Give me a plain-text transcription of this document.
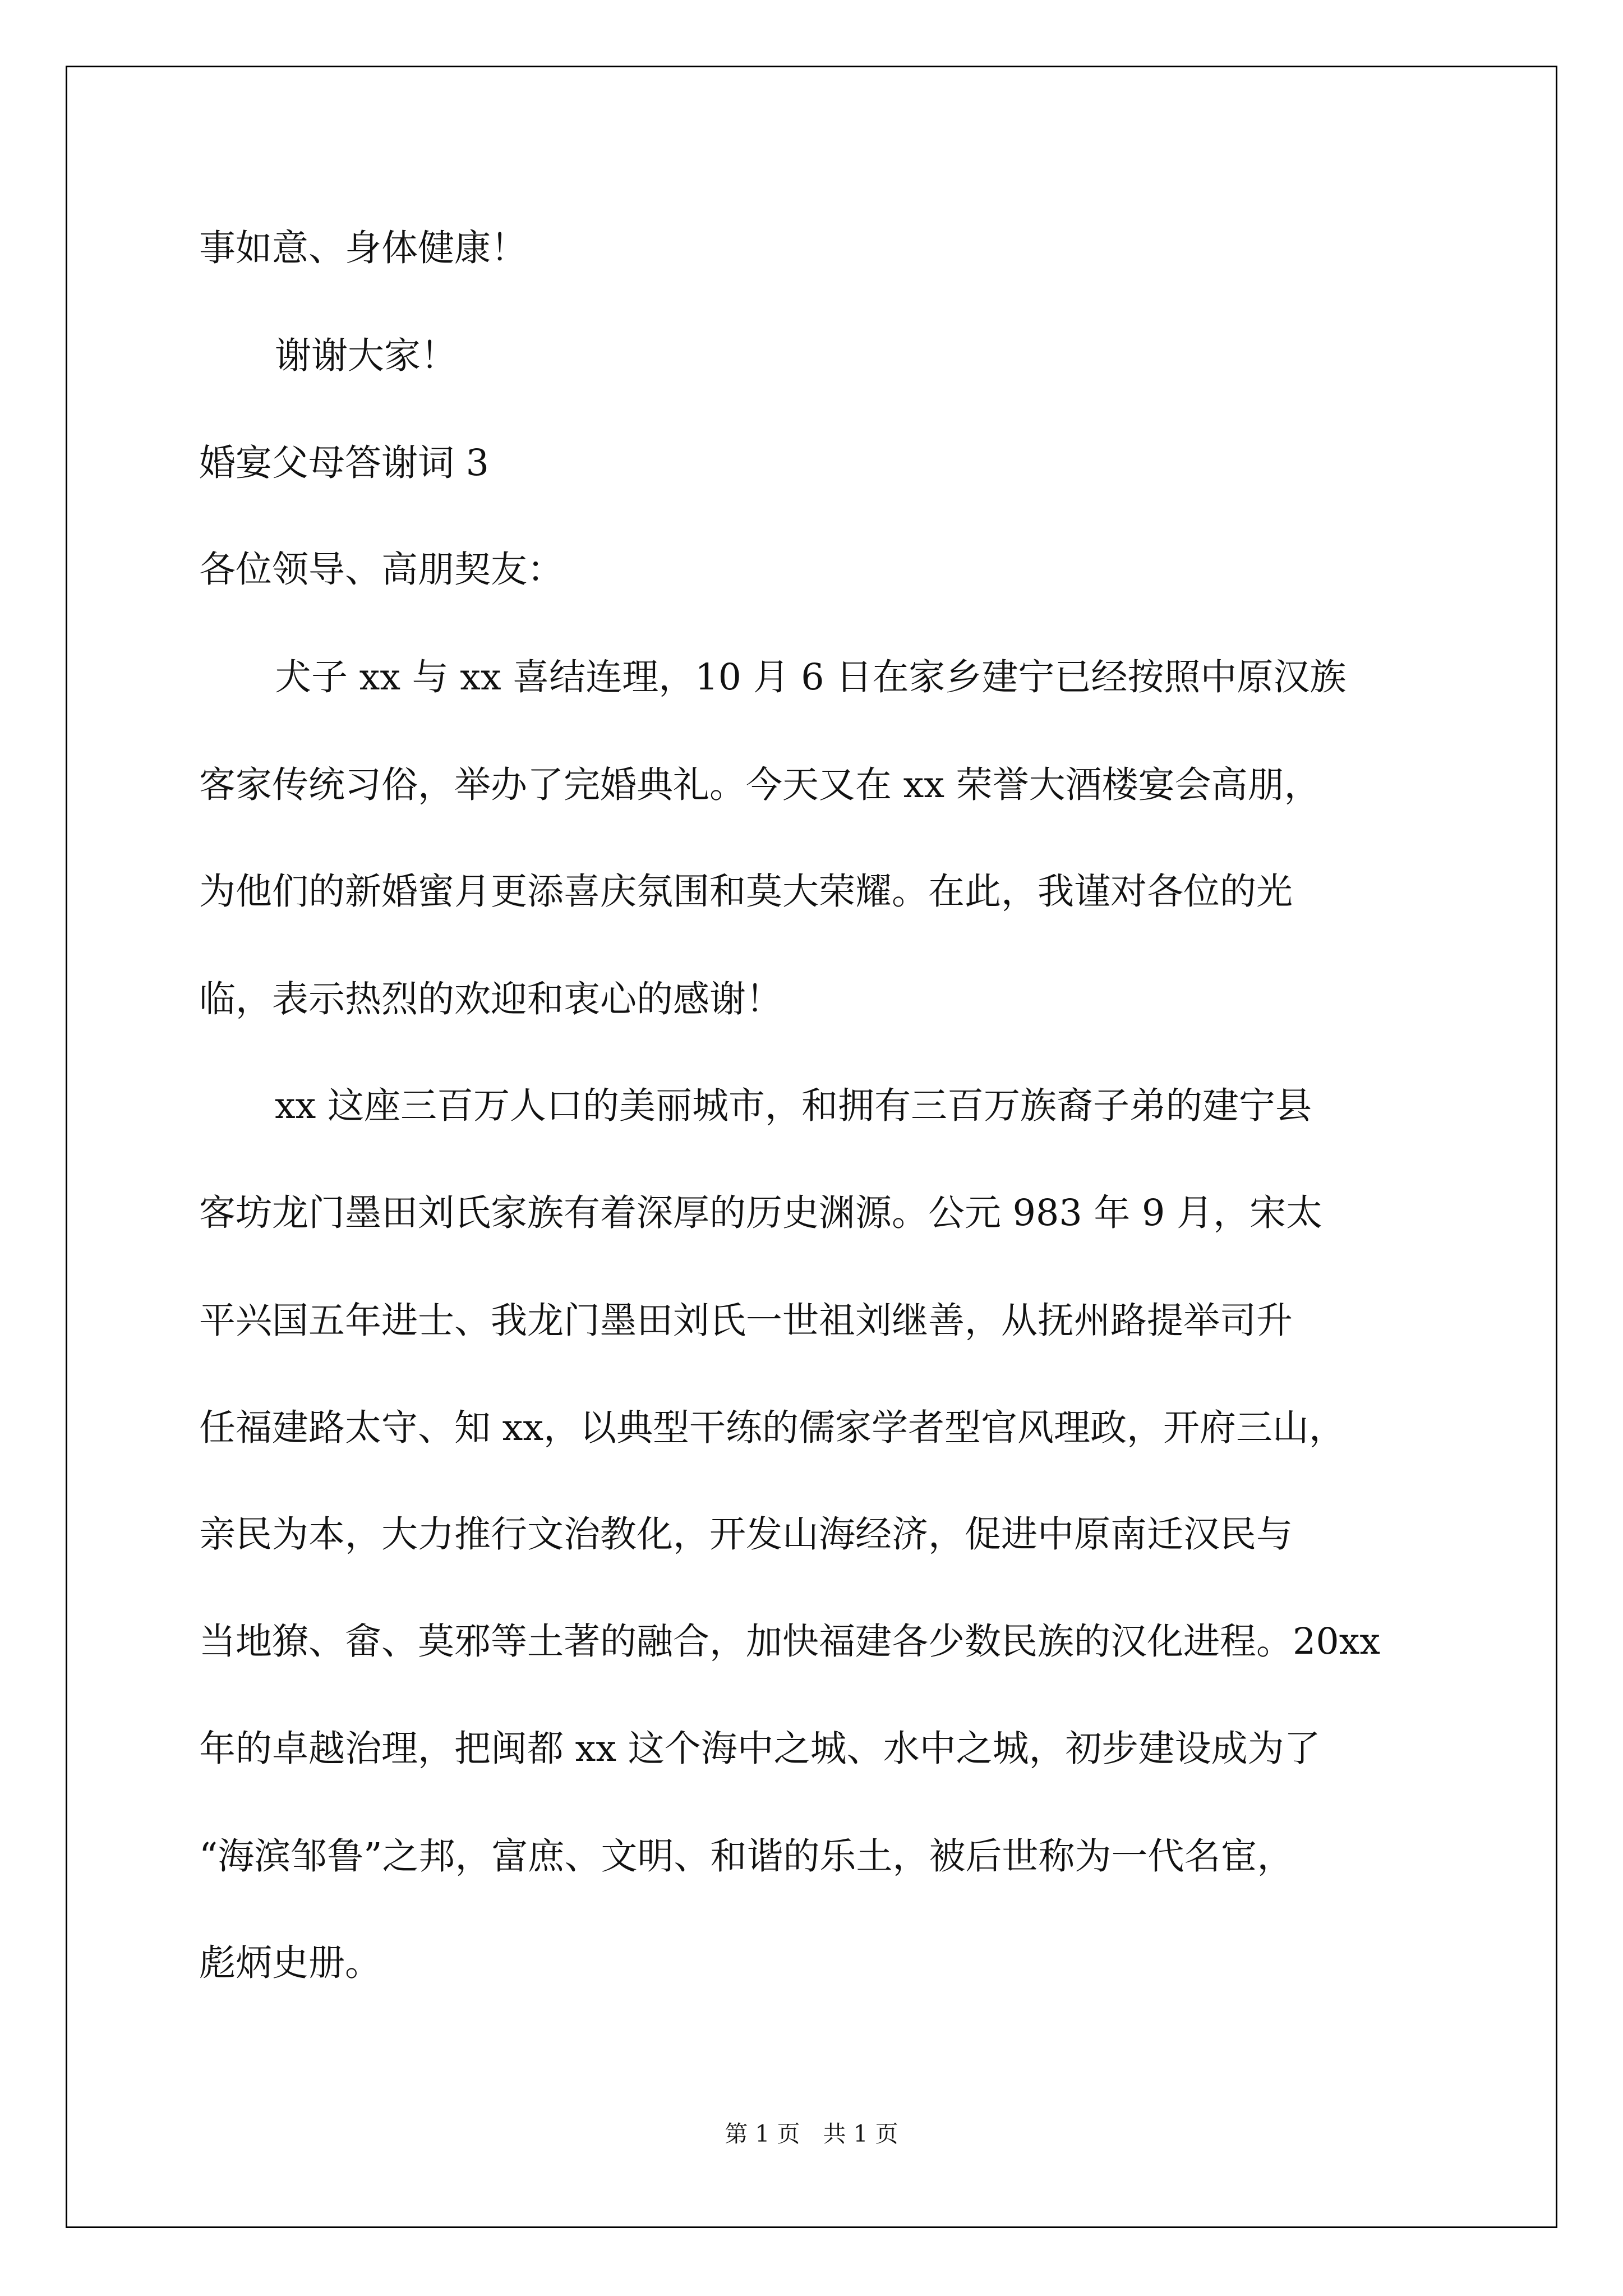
事如意、身体健康！

谢谢大家！

婚宴父母答谢词 3

各位领导、高朋契友：

犬子 xx 与 xx 喜结连理，10 月 6 日在家乡建宁已经按照中原汉族

客家传统习俗，举办了完婚典礼。今天又在 xx 荣誉大酒楼宴会高朋，

为他们的新婚蜜月更添喜庆氛围和莫大荣耀。在此，我谨对各位的光

临，表示热烈的欢迎和衷心的感谢！

xx 这座三百万人口的美丽城市，和拥有三百万族裔子弟的建宁县

客坊龙门墨田刘氏家族有着深厚的历史渊源。公元 983 年 9 月，宋太

平兴国五年进士、我龙门墨田刘氏一世祖刘继善，从抚州路提举司升

任福建路太守、知 xx，以典型干练的儒家学者型官风理政，开府三山，

亲民为本，大力推行文治教化，开发山海经济，促进中原南迁汉民与

当地獠、畲、莫邪等土著的融合，加快福建各少数民族的汉化进程。20xx

年的卓越治理，把闽都 xx 这个海中之城、水中之城，初步建设成为了

“海滨邹鲁”之邦，富庶、文明、和谐的乐土，被后世称为一代名宦，

彪炳史册。

第 1 页　共 1 页
